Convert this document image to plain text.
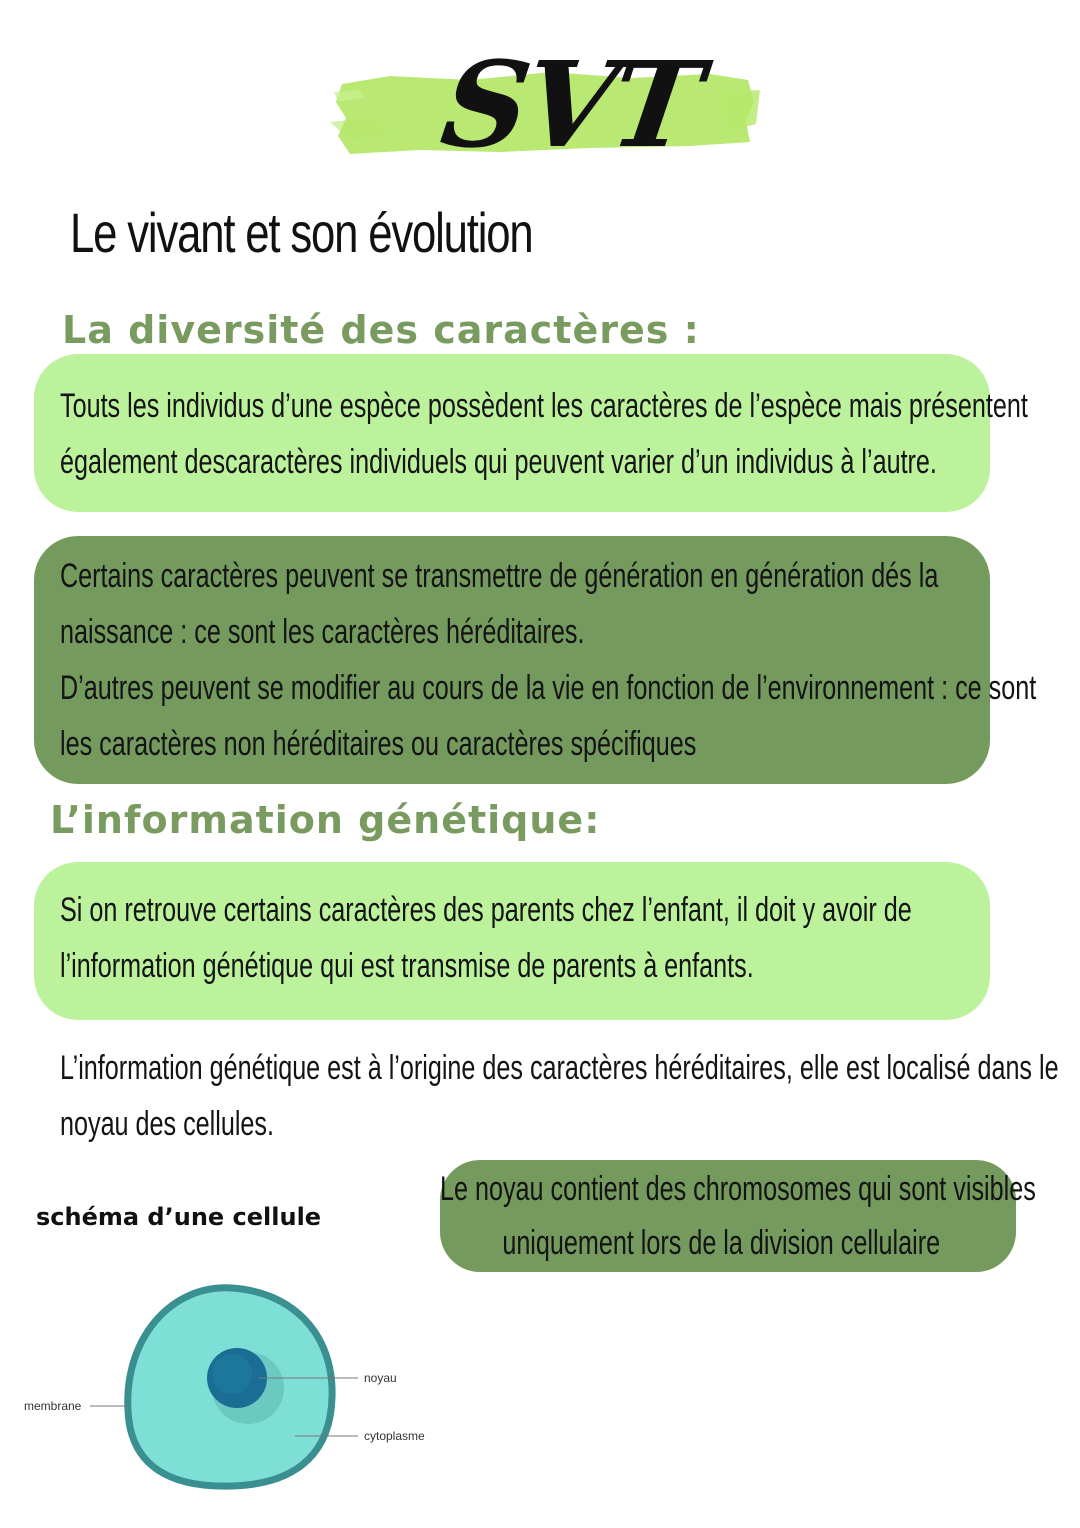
SVT
Le vivant et son évolution
La diversité des caractères :
Touts les individus d’une espèce possèdent les caractères de l’espèce mais présentent
également descaractères individuels qui peuvent varier d’un individus à l’autre.
Certains caractères peuvent se transmettre de génération en génération dés la
naissance : ce sont les caractères héréditaires.
D’autres peuvent se modifier au cours de la vie en fonction de l’environnement : ce sont
les caractères non héréditaires ou caractères spécifiques
L’information génétique:
Si on retrouve certains caractères des parents chez l’enfant, il doit y avoir de
l’information génétique qui est transmise de parents à enfants.
L’information génétique est à l’origine des caractères héréditaires, elle est localisé dans le
noyau des cellules.
schéma d’une cellule
Le noyau contient des chromosomes qui sont visibles
uniquement lors de la division cellulaire
noyau
membrane
cytoplasme
